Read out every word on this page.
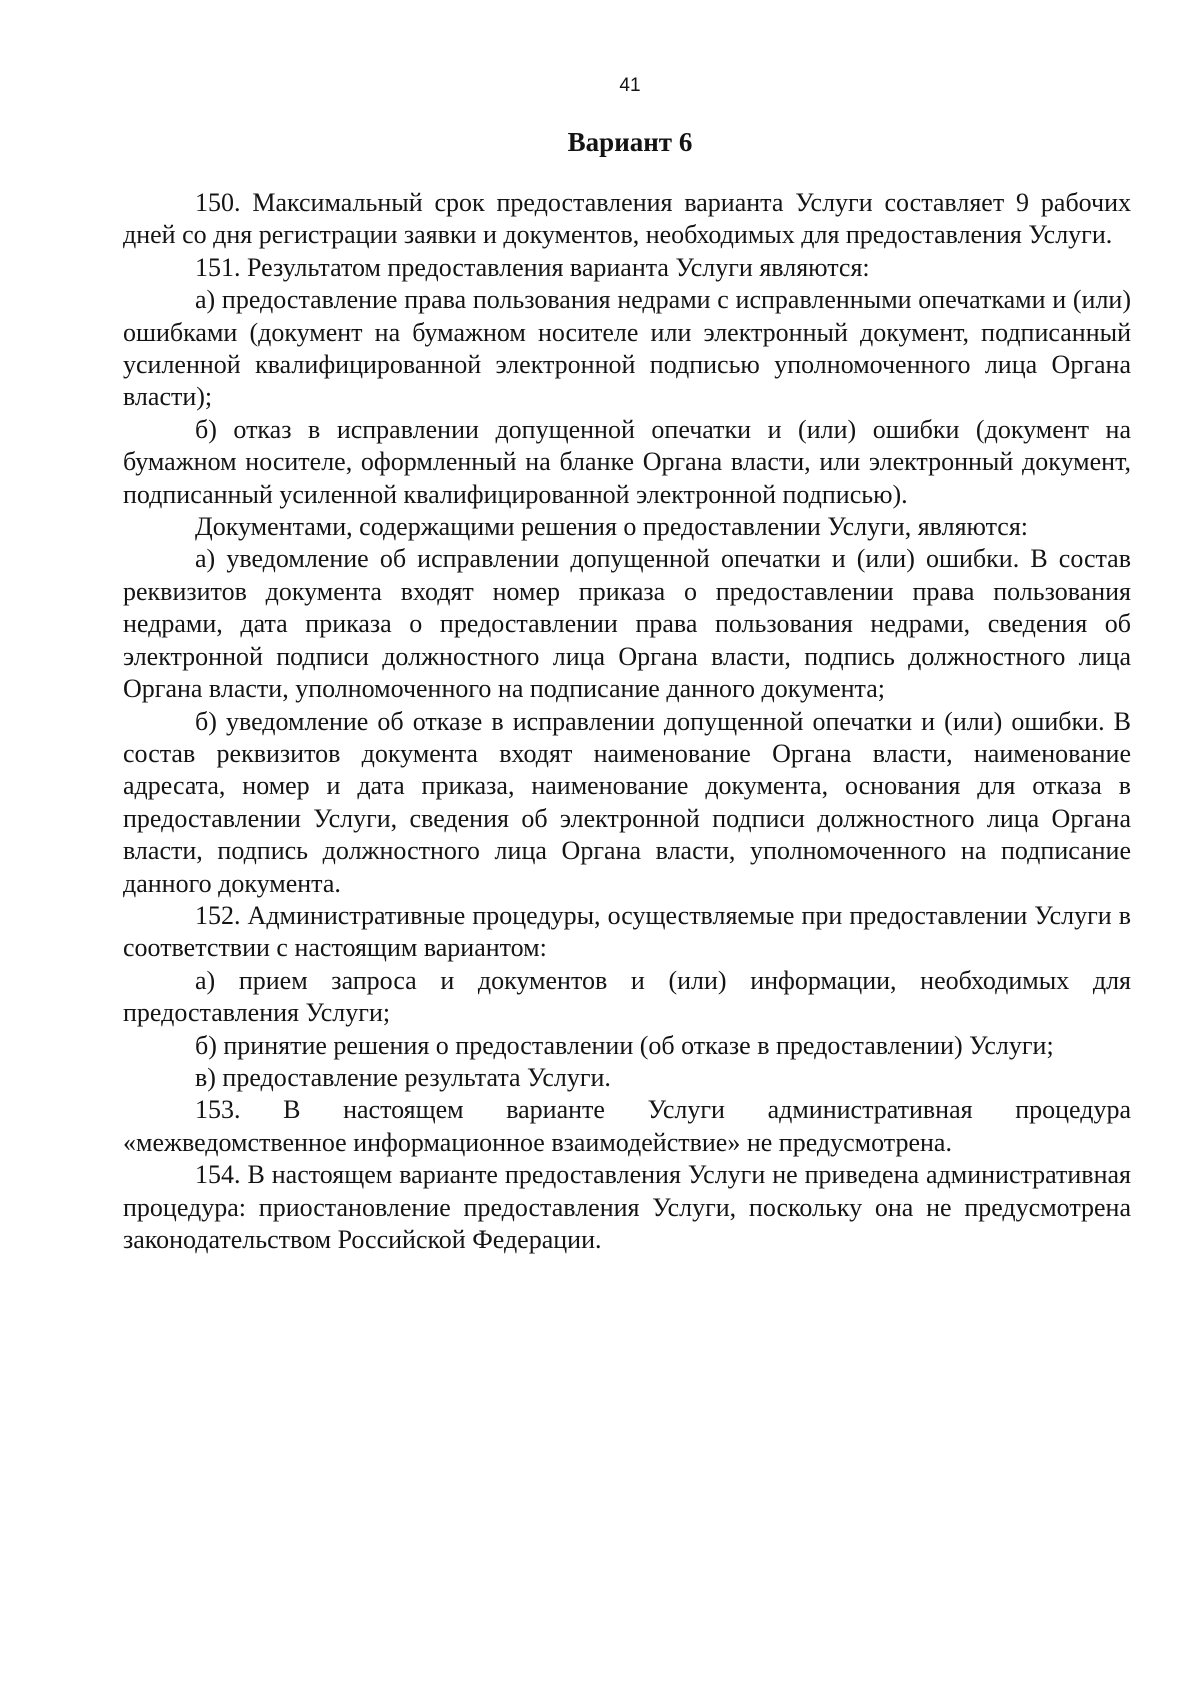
41
Вариант 6

150. Максимальный срок предоставления варианта Услуги составляет 9 рабочих дней со дня регистрации заявки и документов, необходимых для предоставления Услуги.

151. Результатом предоставления варианта Услуги являются:

а) предоставление права пользования недрами с исправленными опечатками и (или) ошибками (документ на бумажном носителе или электронный документ, подписанный усиленной квалифицированной электронной подписью уполномоченного лица Органа власти);

б) отказ в исправлении допущенной опечатки и (или) ошибки (документ на бумажном носителе, оформленный на бланке Органа власти, или электронный документ, подписанный усиленной квалифицированной электронной подписью).

Документами, содержащими решения о предоставлении Услуги, являются:

а) уведомление об исправлении допущенной опечатки и (или) ошибки. В состав реквизитов документа входят номер приказа о предоставлении права пользования недрами, дата приказа о предоставлении права пользования недрами, сведения об электронной подписи должностного лица Органа власти, подпись должностного лица Органа власти, уполномоченного на подписание данного документа;

б) уведомление об отказе в исправлении допущенной опечатки и (или) ошибки. В состав реквизитов документа входят наименование Органа власти, наименование адресата, номер и дата приказа, наименование документа, основания для отказа в предоставлении Услуги, сведения об электронной подписи должностного лица Органа власти, подпись должностного лица Органа власти, уполномоченного на подписание данного документа.

152. Административные процедуры, осуществляемые при предоставлении Услуги в соответствии с настоящим вариантом:

а) прием запроса и документов и (или) информации, необходимых для предоставления Услуги;

б) принятие решения о предоставлении (об отказе в предоставлении) Услуги;

в) предоставление результата Услуги.

153. В настоящем варианте Услуги административная процедура «межведомственное информационное взаимодействие» не предусмотрена.

154. В настоящем варианте предоставления Услуги не приведена административная процедура: приостановление предоставления Услуги, поскольку она не предусмотрена законодательством Российской Федерации.
